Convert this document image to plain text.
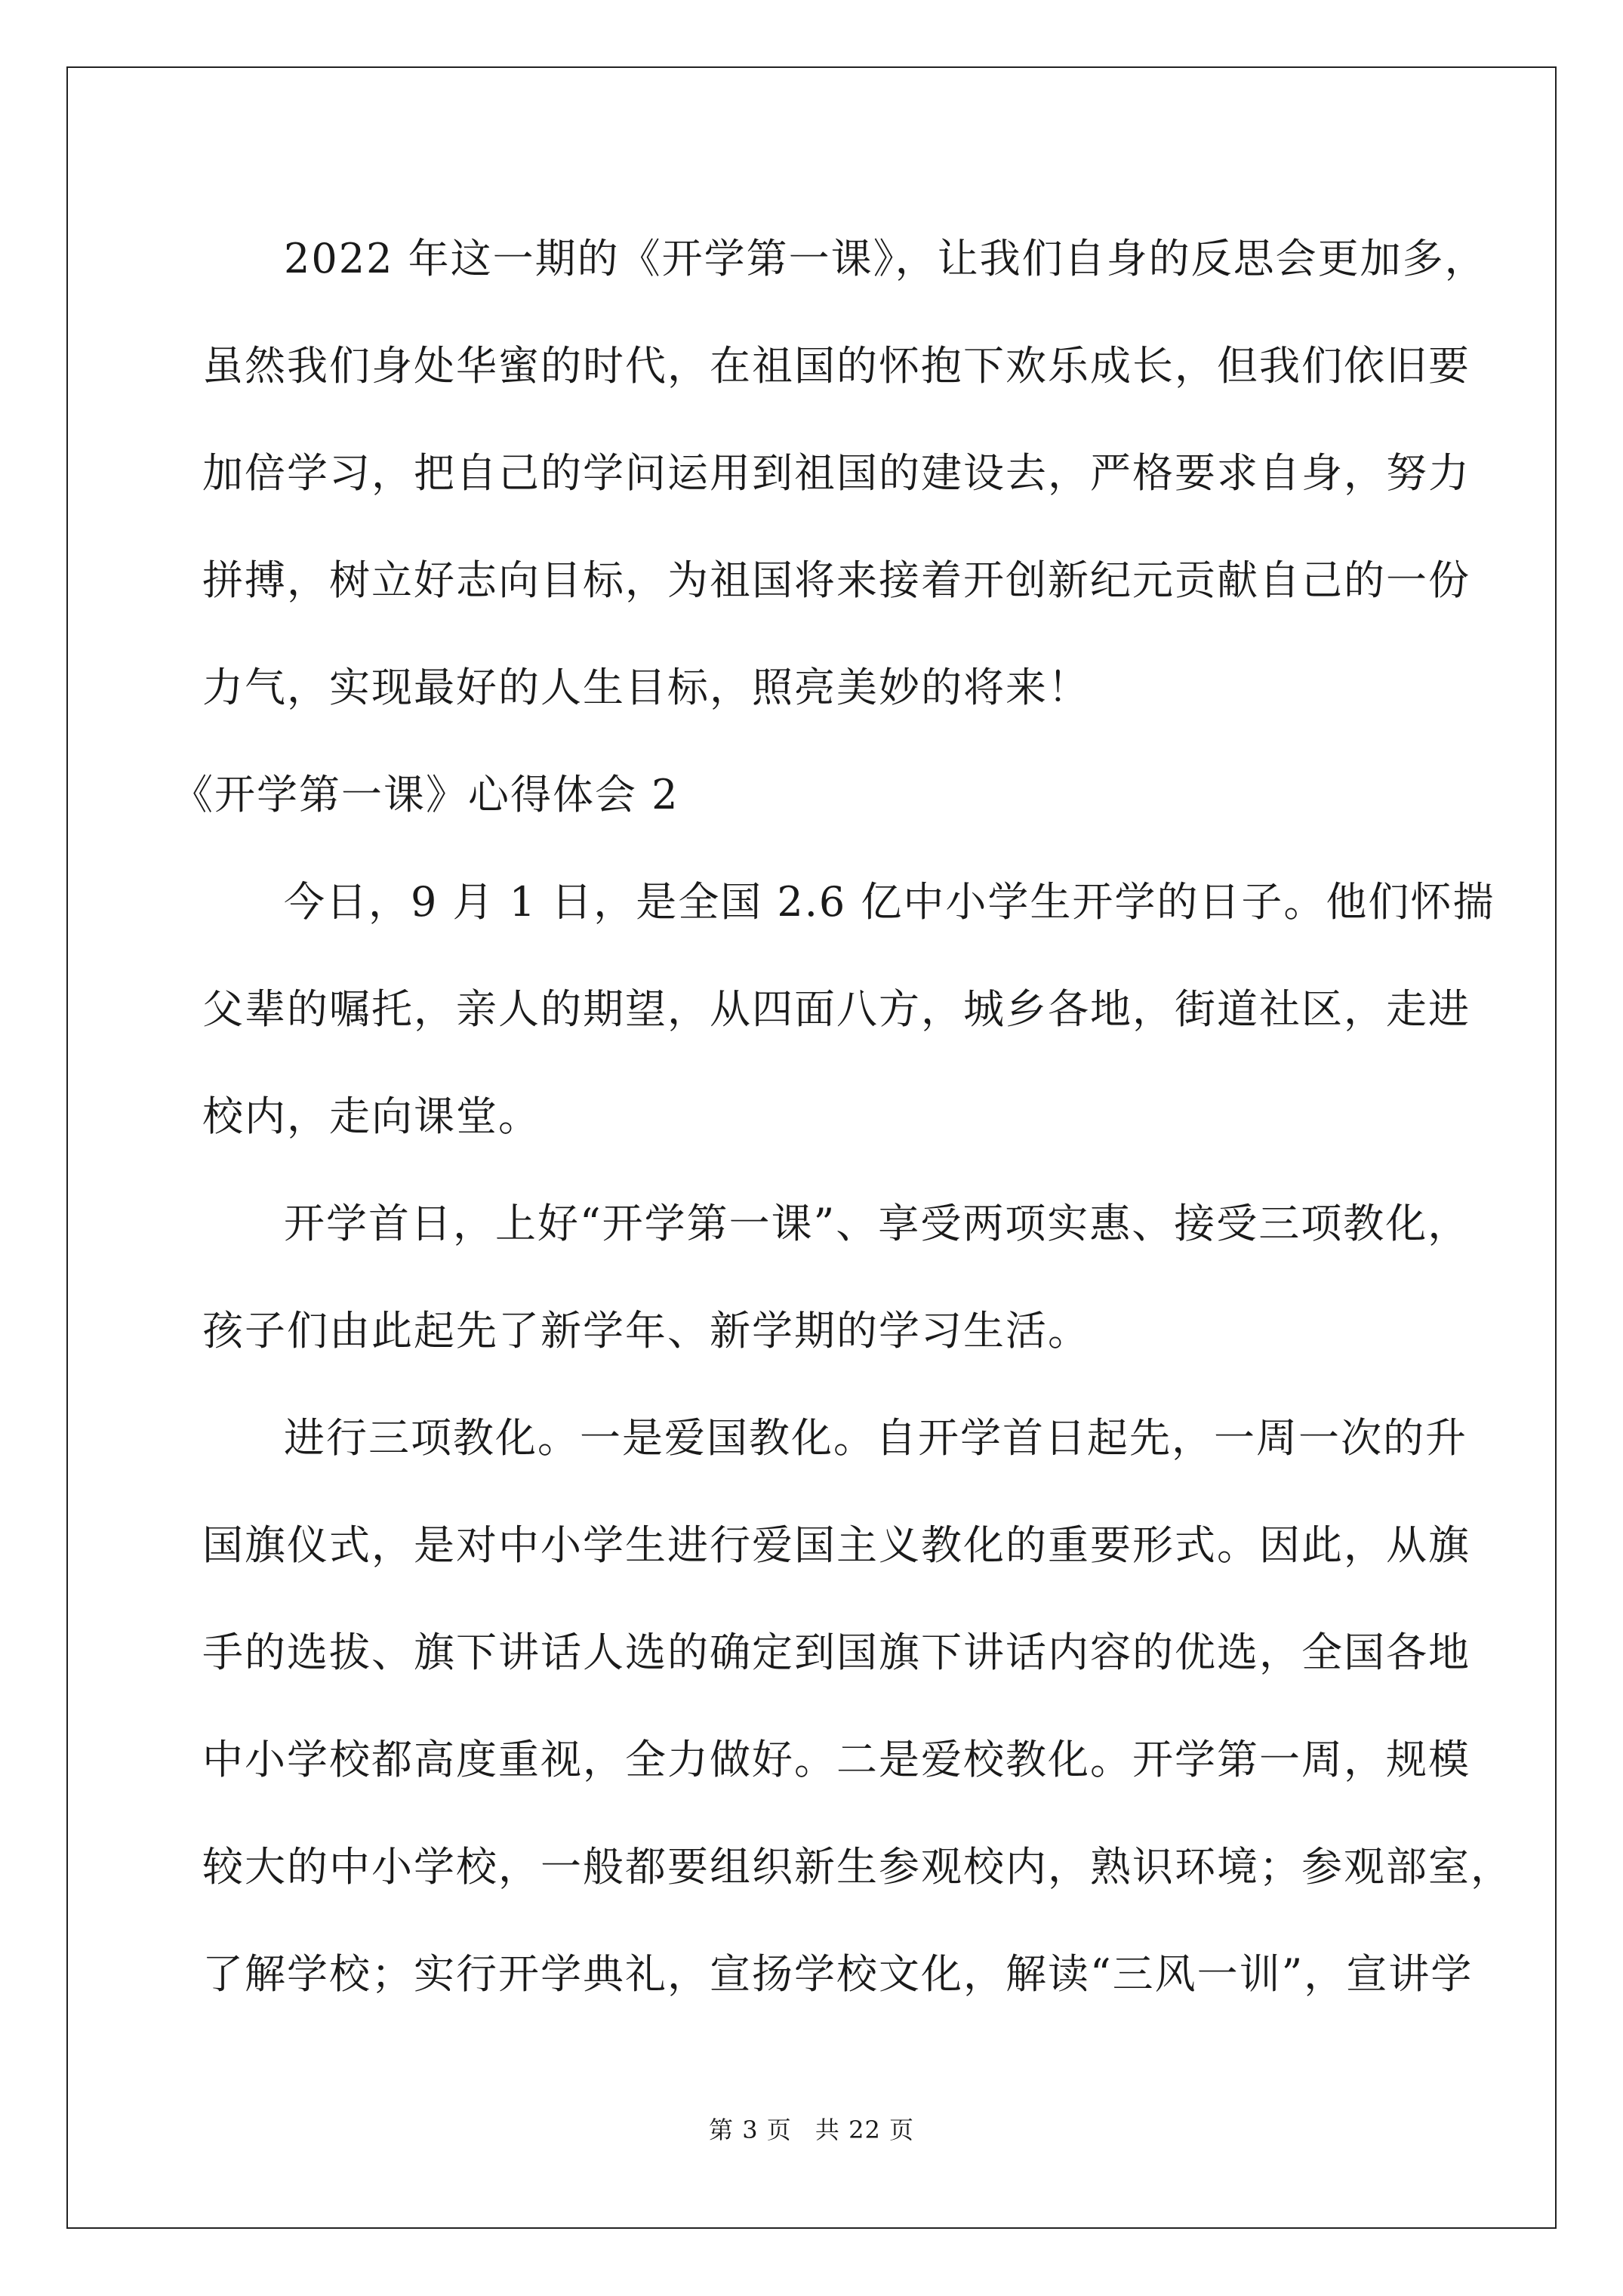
2022 年这一期的《开学第一课》，让我们自身的反思会更加多，
虽然我们身处华蜜的时代，在祖国的怀抱下欢乐成长，但我们依旧要
加倍学习，把自己的学问运用到祖国的建设去，严格要求自身，努力
拼搏，树立好志向目标，为祖国将来接着开创新纪元贡献自己的一份
力气，实现最好的人生目标，照亮美妙的将来！
《开学第一课》心得体会 2
今日，9 月 1 日，是全国 2.6 亿中小学生开学的日子。他们怀揣
父辈的嘱托，亲人的期望，从四面八方，城乡各地，街道社区，走进
校内，走向课堂。
开学首日，上好“开学第一课”、享受两项实惠、接受三项教化，
孩子们由此起先了新学年、新学期的学习生活。
进行三项教化。一是爱国教化。自开学首日起先，一周一次的升
国旗仪式，是对中小学生进行爱国主义教化的重要形式。因此，从旗
手的选拔、旗下讲话人选的确定到国旗下讲话内容的优选，全国各地
中小学校都高度重视，全力做好。二是爱校教化。开学第一周，规模
较大的中小学校，一般都要组织新生参观校内，熟识环境；参观部室，
了解学校；实行开学典礼，宣扬学校文化，解读“三风一训”，宣讲学
第 3 页 共 22 页
